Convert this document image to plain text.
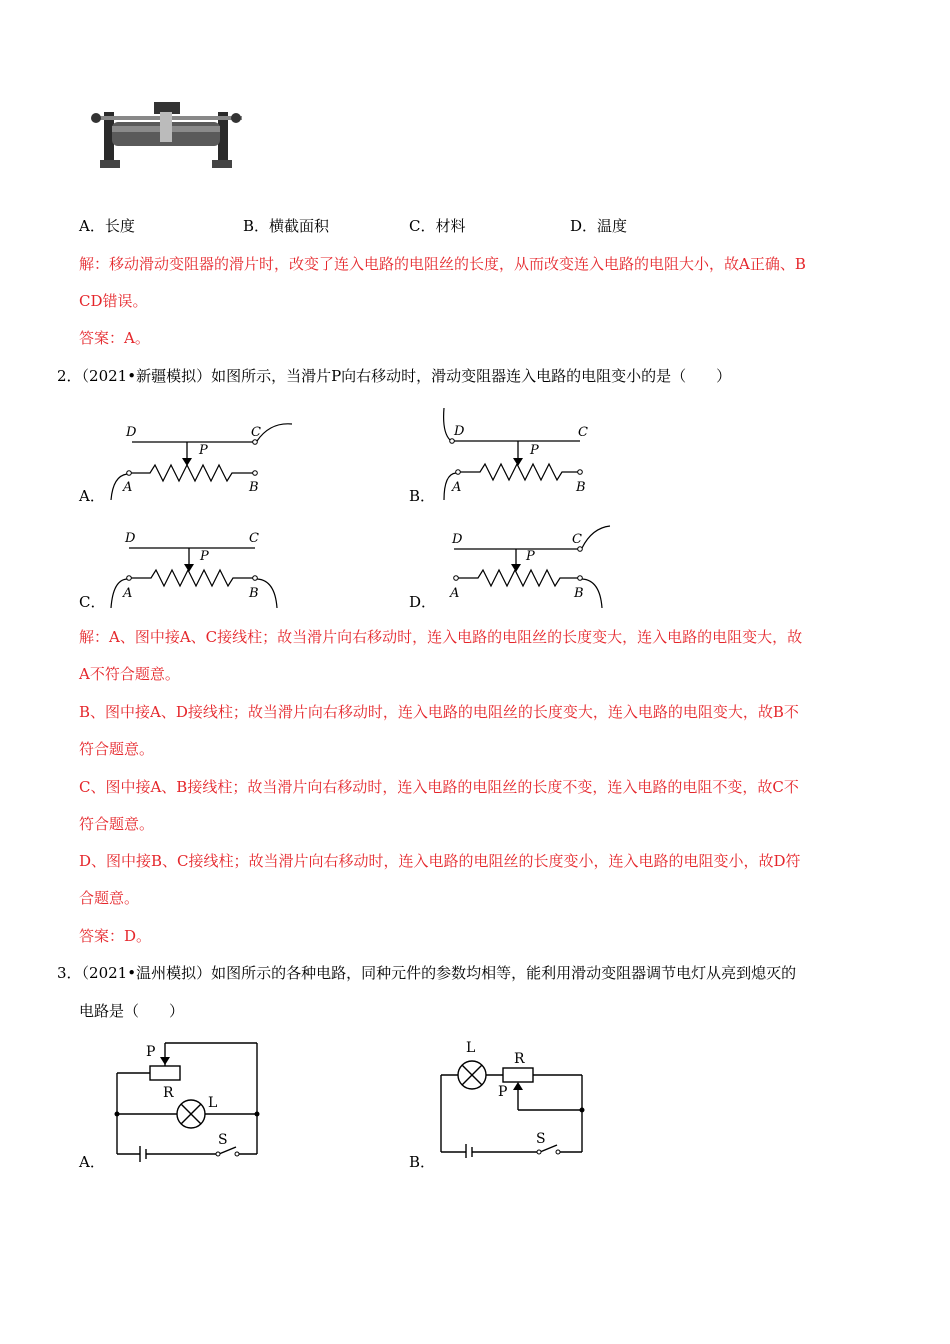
A．长度	B．横截面积	C．材料	D．温度
解：移动滑动变阻器的滑片时，改变了连入电路的电阻丝的长度，从而改变连入电路的电阻大小，故A正确、B
CD错误。
答案：A。
2．（2021•新疆模拟）如图所示，当滑片P向右移动时，滑动变阻器连入电路的电阻变小的是（　　）
A．
D	C
P
A	B	B．
D	C
P
A	B
C．
D	C
P
A	B	D．
D	C
P
A	B
解：A、图中接A、C接线柱；故当滑片向右移动时，连入电路的电阻丝的长度变大，连入电路的电阻变大，故
A不符合题意。
B、图中接A、D接线柱；故当滑片向右移动时，连入电路的电阻丝的长度变大，连入电路的电阻变大，故B不
符合题意。
C、图中接A、B接线柱；故当滑片向右移动时，连入电路的电阻丝的长度不变，连入电路的电阻不变，故C不
符合题意。
D、图中接B、C接线柱；故当滑片向右移动时，连入电路的电阻丝的长度变小，连入电路的电阻变小，故D符
合题意。
答案：D。
3．（2021•温州模拟）如图所示的各种电路，同种元件的参数均相等，能利用滑动变阻器调节电灯从亮到熄灭的
电路是（　　）
A．
P
R
L
S
B．
L
R
P
S
